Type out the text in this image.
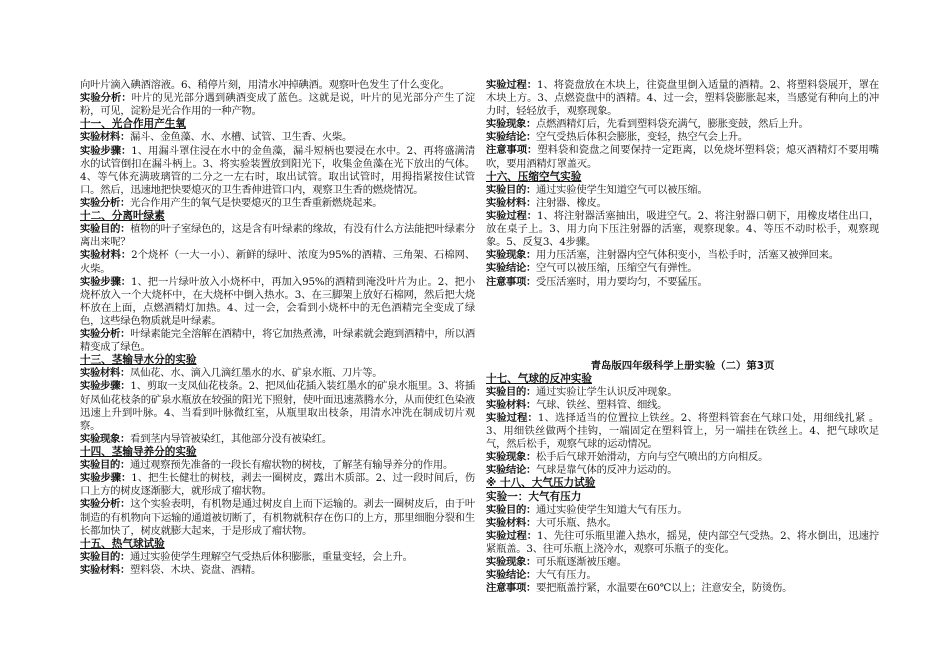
向叶片滴入碘酒溶液。6、稍停片刻，用清水冲掉碘酒。观察叶色发生了什么变化。

实验分析：叶片的见光部分遇到碘酒变成了蓝色。这就是说，叶片的见光部分产生了淀粉，可见，淀粉是光合作用的一种产物。

十一、光合作用产生氧

实验材料：漏斗、金鱼藻、水、水槽、试管、卫生香、火柴。

实验步骤：1、用漏斗罩住浸在水中的金鱼藻，漏斗短柄也要浸在水中。2、再将盛满清水的试管倒扣在漏斗柄上。3、将实验装置放到阳光下，收集金鱼藻在光下放出的气体。4、等气体充满玻璃管的二分之一左右时，取出试管。取出试管时，用拇指紧按住试管口。然后，迅速地把快要熄灭的卫生香伸进管口内，观察卫生香的燃烧情况。

实验分析：光合作用产生的氧气是快要熄灭的卫生香重新燃烧起来。

十二、分离叶绿素

实验目的：植物的叶子室绿色的，这是含有叶绿素的缘故，有没有什么方法能把叶绿素分离出来呢？

实验材料：2个烧杯（一大一小）、新鲜的绿叶、浓度为95%的酒精、三角架、石棉网、火柴。

实验步骤：1、把一片绿叶放入小烧杯中，再加入95%的酒精到淹没叶片为止。2、把小烧杯放入一个大烧杯中，在大烧杯中倒入热水。3、在三脚架上放好石棉网，然后把大烧杯放在上面，点燃酒精灯加热。4、过一会，会看到小烧杯中的无色酒精完全变成了绿色，这些绿色物质就是叶绿素。

实验分析：叶绿素能完全溶解在酒精中，将它加热煮沸，叶绿素就会跑到酒精中，所以酒精变成了绿色。

十三、茎输导水分的实验

实验材料：凤仙花、水、滴入几滴红墨水的水、矿泉水瓶、刀片等。

实验步骤：1、剪取一支凤仙花枝条。2、把凤仙花插入装红墨水的矿泉水瓶里。3、将插好凤仙花枝条的矿泉水瓶放在较强的阳光下照射，使叶面迅速蒸腾水分，从而使红色染液迅速上升到叶脉。4、当看到叶脉微红室，从瓶里取出枝条，用清水冲洗在制成切片观察。

实验现象：看到茎内导管被染红，其他部分没有被染红。

十四、茎输导养分的实验

实验目的：通过观察预先准备的一段长有瘤状物的树枝，了解茎有输导养分的作用。

实验步骤：1、把生长健壮的树枝，剥去一圈树皮，露出木质部。2、过一段时间后，伤口上方的树皮逐渐膨大，就形成了瘤状物。

实验分析：这个实验表明，有机物是通过树皮自上而下运输的。剥去一圈树皮后，由于叶制造的有机物向下运输的通道被切断了，有机物就积存在伤口的上方，那里细胞分裂和生长都加快了，树皮就膨大起来，于是形成了瘤状物。

十五、热气球试验

实验目的：通过实验使学生理解空气受热后体积膨胀，重量变轻，会上升。

实验材料：塑料袋、木块、瓷盘、酒精。

实验过程：1、将瓷盘放在木块上，往瓷盘里倒入适量的酒精。2、将塑料袋展开，罩在木块上方。3、点燃瓷盘中的酒精。4、过一会，塑料袋膨胀起来，当感觉有种向上的冲力时，轻轻放手，观察现象。

实验现象：点燃酒精灯后，先看到塑料袋充满气，膨胀变鼓，然后上升。

实验结论：空气受热后体积会膨胀，变轻，热空气会上升。

注意事项：塑料袋和瓷盘之间要保持一定距离，以免烧坏塑料袋；熄灭酒精灯不要用嘴吹，要用酒精灯罩盖灭。

十六、压缩空气实验

实验目的：通过实验使学生知道空气可以被压缩。

实验材料：注射器、橡皮。

实验过程：1、将注射器活塞抽出，吸进空气。2、将注射器口朝下，用橡皮堵住出口，放在桌子上。3、用力向下压注射器的活塞，观察现象。4、等压不动时松手，观察现象。5、反复3、4步骤。

实验现象：用力压活塞，注射器内空气体积变小，当松手时，活塞又被弹回来。

实验结论：空气可以被压缩，压缩空气有弹性。

注意事项：受压活塞时，用力要均匀，不要猛压。

青岛版四年级科学上册实验（二）第3页

十七、气球的反冲实验

实验目的：通过实验让学生认识反冲现象。

实验材料：气球、铁丝、塑料管、细线。

实验过程：1、选择适当的位置拉上铁丝。2、将塑料管套在气球口处，用细线扎紧 。3、用细铁丝做两个挂钩，一端固定在塑料管上，另一端挂在铁丝上。4、把气球吹足气，然后松手，观察气球的运动情况。

实验现象：松手后气球开始滑动，方向与空气喷出的方向相反。

实验结论：气球是靠气体的反冲力运动的。

※ 十八、大气压力试验

实验一：大气有压力

实验目的：通过实验使学生知道大气有压力。

实验材料：大可乐瓶、热水。

实验过程：1、先往可乐瓶里灌入热水，摇晃，使内部空气受热。2、将水倒出，迅速拧紧瓶盖。3、往可乐瓶上浇冷水，观察可乐瓶子的变化。

实验现象：可乐瓶逐渐被压瘪。

实验结论：大气有压力。

注意事项：要把瓶盖拧紧，水温要在60℃以上；注意安全，防烫伤。
